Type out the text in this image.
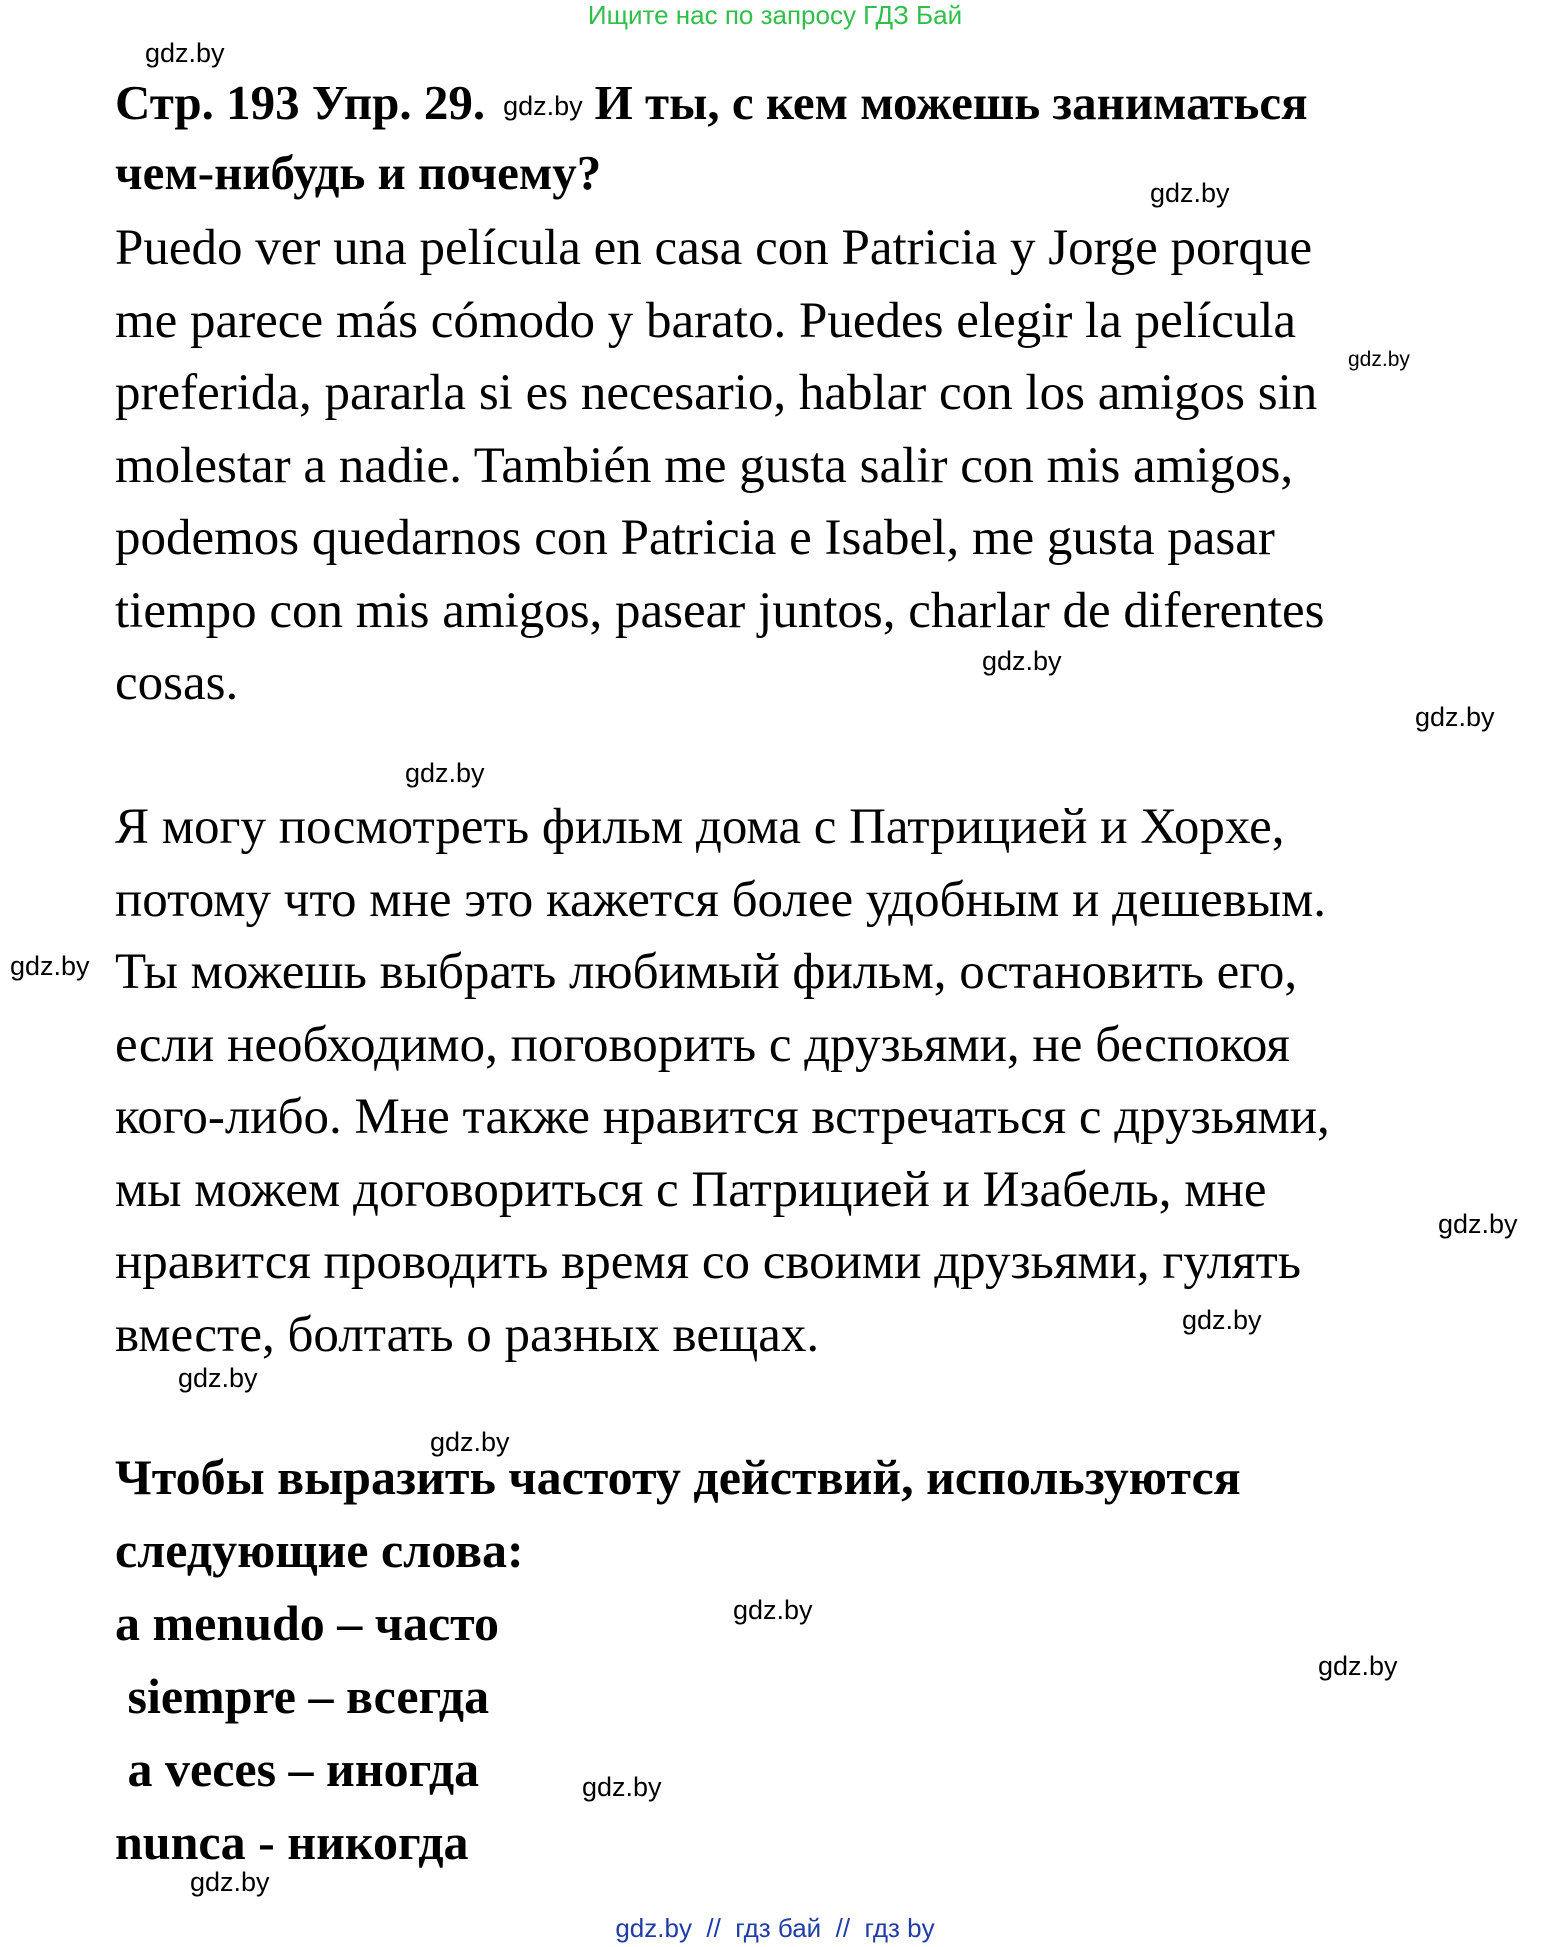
Ищите нас по запросу ГДЗ Бай
Стр. 193 Упр. 29. gdz.by И ты, с кем можешь заниматься
чем-нибудь и почему?
Puedo ver una película en casa con Patricia y Jorge porque
me parece más cómodo y barato. Puedes elegir la película
preferida, pararla si es necesario, hablar con los amigos sin
molestar a nadie. También me gusta salir con mis amigos,
podemos quedarnos con Patricia e Isabel, me gusta pasar
tiempo con mis amigos, pasear juntos, charlar de diferentes
cosas.
Я могу посмотреть фильм дома с Патрицией и Хорхе,
потому что мне это кажется более удобным и дешевым.
Ты можешь выбрать любимый фильм, остановить его,
если необходимо, поговорить с друзьями, не беспокоя
кого-либо. Мне также нравится встречаться с друзьями,
мы можем договориться с Патрицией и Изабель, мне
нравится проводить время со своими друзьями, гулять
вместе, болтать о разных вещах.
Чтобы выразить частоту действий, используются
следующие слова:
a menudo – часто
siempre – всегда
a veces – иногда
nunca - никогда
gdz.by
gdz.by
gdz.by
gdz.by
gdz.by
gdz.by
gdz.by
gdz.by
gdz.by
gdz.by
gdz.by
gdz.by
gdz.by
gdz.by
gdz.by
gdz.by  //  гдз бай  //  гдз by
